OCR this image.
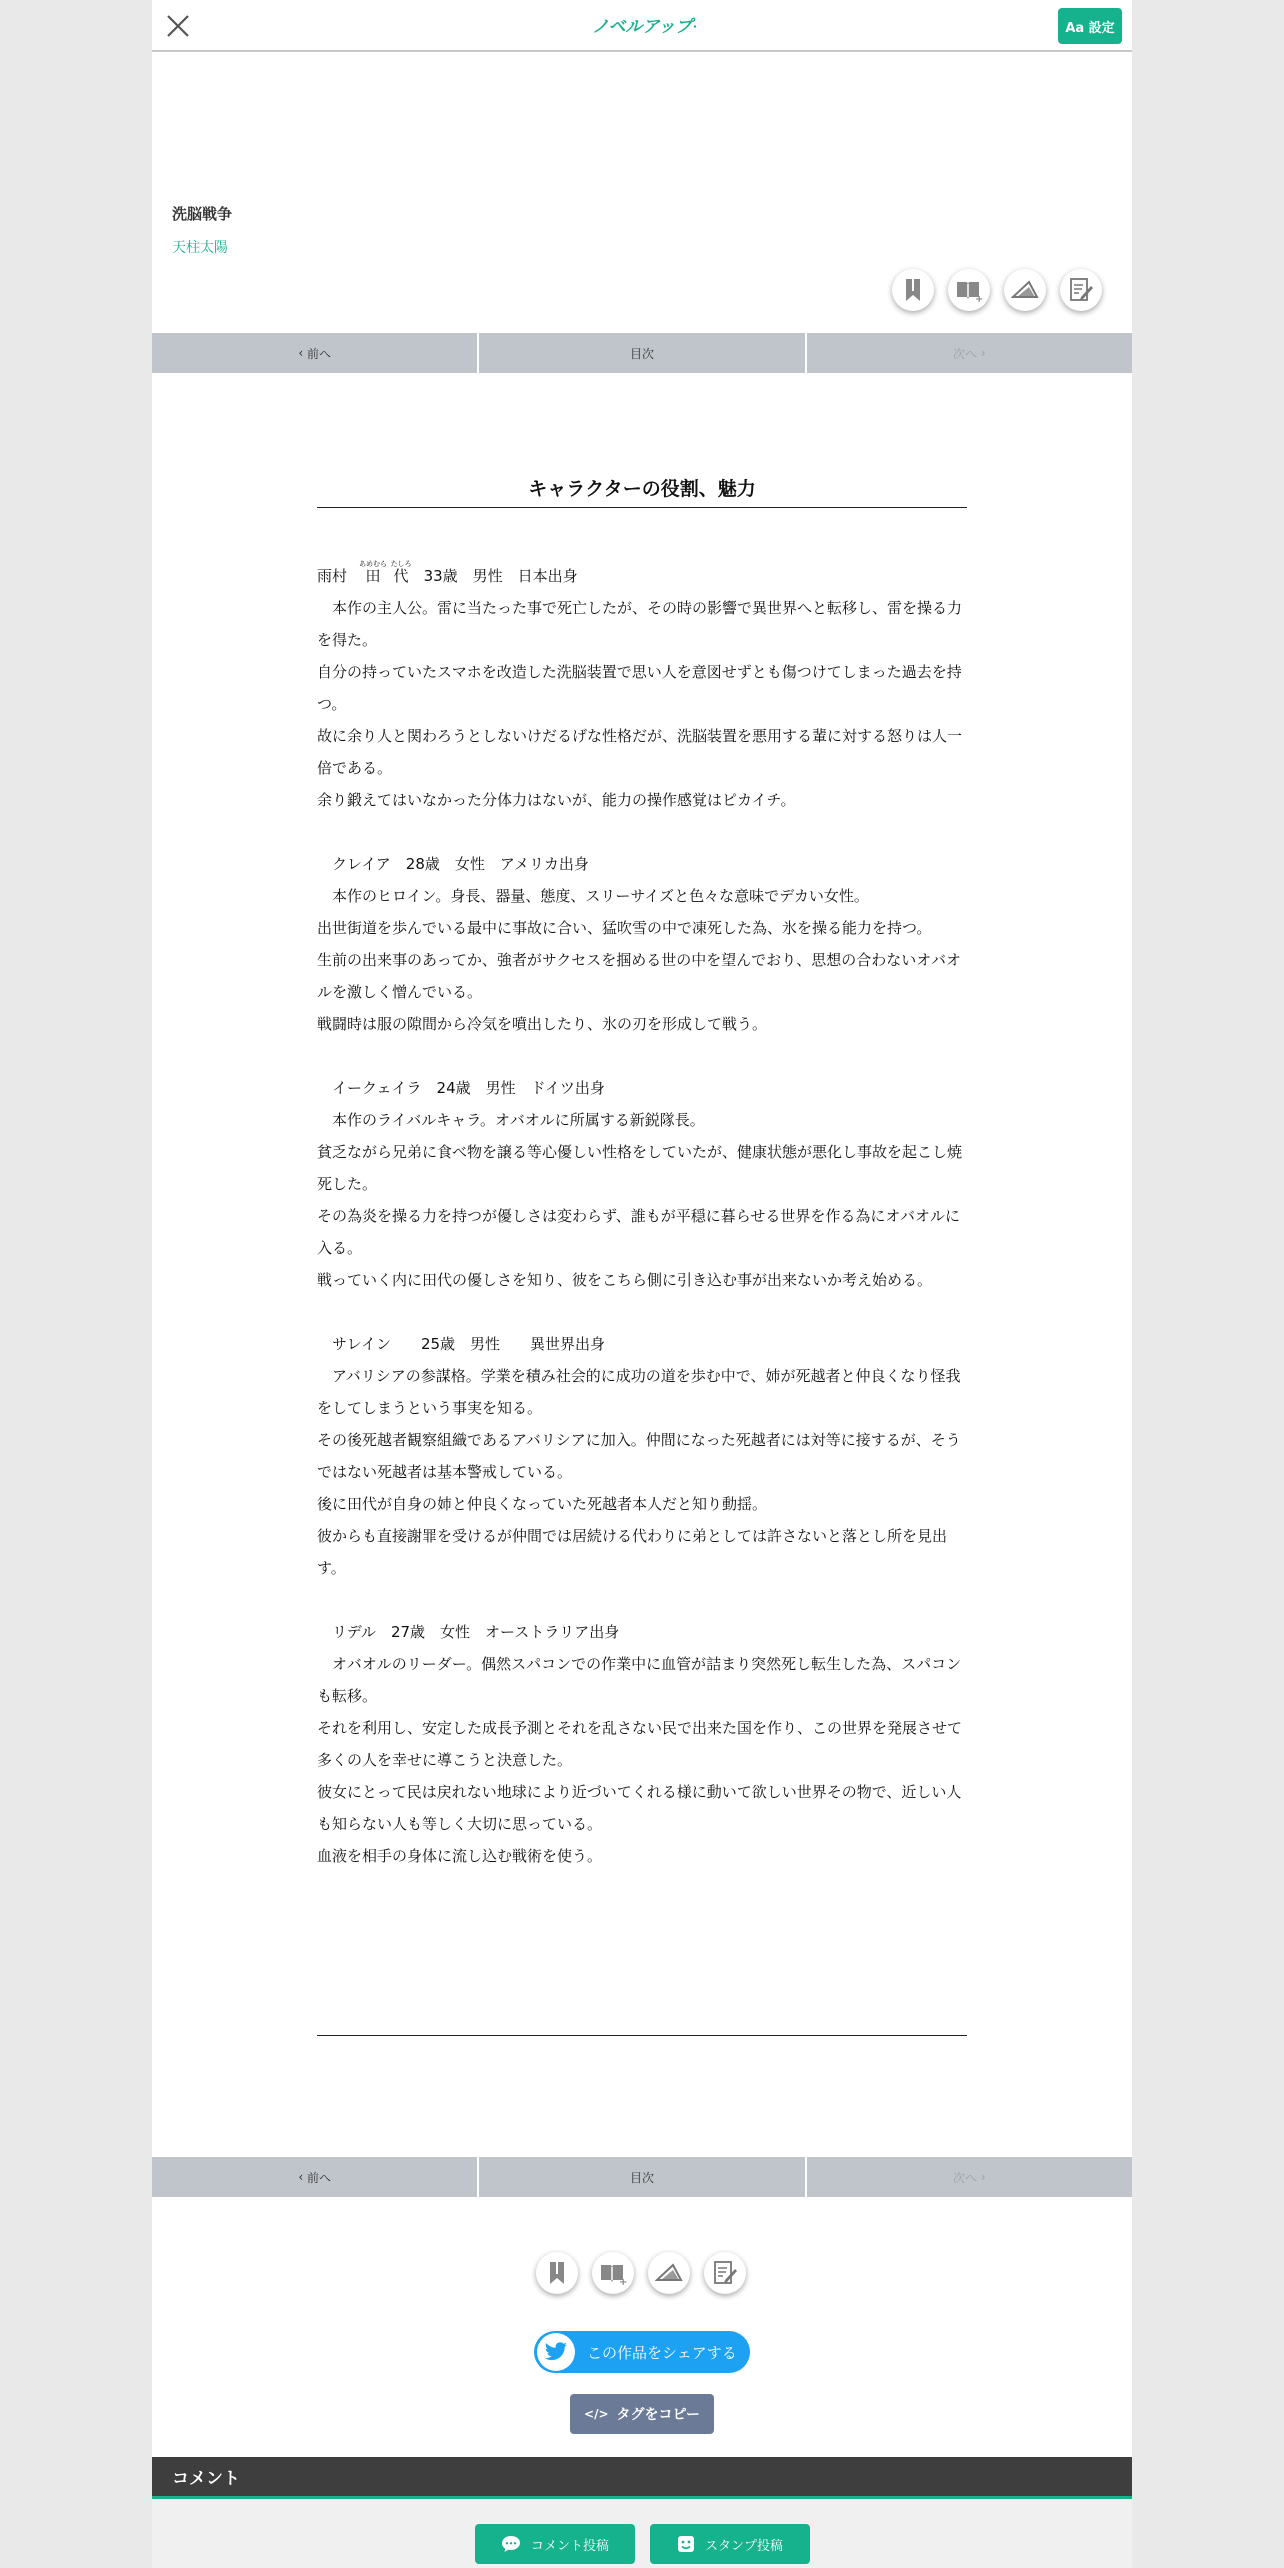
ノベルアップ+	Aa 設定
洗脳戦争
天柱太陽
+
‹ 前へ	目次	次へ ›
キャラクターの役割、魅力

雨村　田あめむら  代たしろ　33歳　男性　日本出身

　本作の主人公。雷に当たった事で死亡したが、その時の影響で異世界へと転移し、雷を操る力を得た。

自分の持っていたスマホを改造した洗脳装置で思い人を意図せずとも傷つけてしまった過去を持つ。

故に余り人と関わろうとしないけだるげな性格だが、洗脳装置を悪用する輩に対する怒りは人一倍である。

余り鍛えてはいなかった分体力はないが、能力の操作感覚はピカイチ。

　クレイア　28歳　女性　アメリカ出身

　本作のヒロイン。身長、器量、態度、スリーサイズと色々な意味でデカい女性。

出世街道を歩んでいる最中に事故に合い、猛吹雪の中で凍死した為、氷を操る能力を持つ。

生前の出来事のあってか、強者がサクセスを掴める世の中を望んでおり、思想の合わないオバオルを激しく憎んでいる。

戦闘時は服の隙間から冷気を噴出したり、氷の刃を形成して戦う。

　イークェイラ　24歳　男性　ドイツ出身

　本作のライバルキャラ。オバオルに所属する新鋭隊長。

貧乏ながら兄弟に食べ物を譲る等心優しい性格をしていたが、健康状態が悪化し事故を起こし焼死した。

その為炎を操る力を持つが優しさは変わらず、誰もが平穏に暮らせる世界を作る為にオバオルに入る。

戦っていく内に田代の優しさを知り、彼をこちら側に引き込む事が出来ないか考え始める。

　サレイン　　25歳　男性　　異世界出身

　アバリシアの参謀格。学業を積み社会的に成功の道を歩む中で、姉が死越者と仲良くなり怪我をしてしまうという事実を知る。

その後死越者観察組織であるアバリシアに加入。仲間になった死越者には対等に接するが、そうではない死越者は基本警戒している。

後に田代が自身の姉と仲良くなっていた死越者本人だと知り動揺。

彼からも直接謝罪を受けるが仲間では居続ける代わりに弟としては許さないと落とし所を見出す。

　リデル　27歳　女性　オーストラリア出身

　オバオルのリーダー。偶然スパコンでの作業中に血管が詰まり突然死し転生した為、スパコンも転移。

それを利用し、安定した成長予測とそれを乱さない民で出来た国を作り、この世界を発展させて多くの人を幸せに導こうと決意した。

彼女にとって民は戻れない地球により近づいてくれる様に動いて欲しい世界その物で、近しい人も知らない人も等しく大切に思っている。

血液を相手の身体に流し込む戦術を使う。

‹ 前へ	目次	次へ ›
+
この作品をシェアする
</> タグをコピー
コメント
コメント投稿	スタンプ投稿
